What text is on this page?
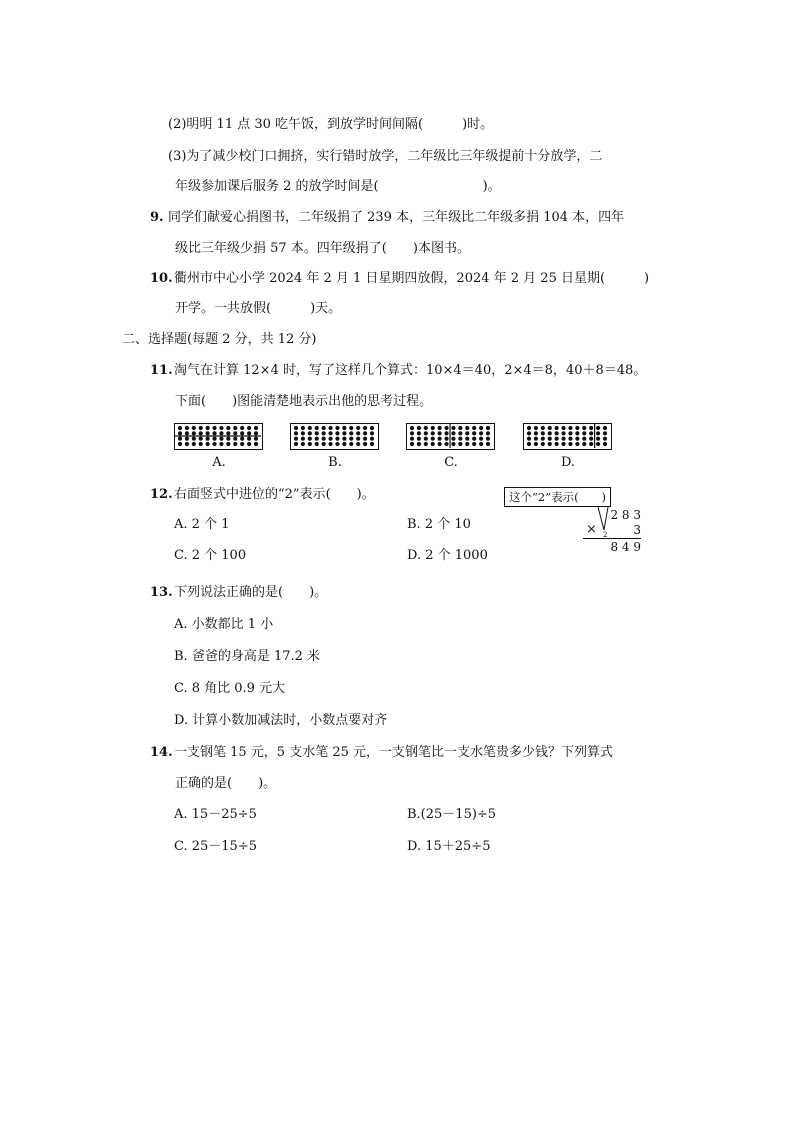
(2)明明 11 点 30 吃午饭，到放学时间间隔(　　　)时。
(3)为了减少校门口拥挤，实行错时放学，二年级比三年级提前十分放学，二
年级参加课后服务 2 的放学时间是(　　　　　　　　)。
9. 同学们献爱心捐图书，二年级捐了 239 本，三年级比二年级多捐 104 本，四年
级比三年级少捐 57 本。四年级捐了(　　)本图书。
10. 衢州市中心小学 2024 年 2 月 1 日星期四放假，2024 年 2 月 25 日星期(　　　)
开学。一共放假(　　　)天。
二、选择题(每题 2 分，共 12 分)
11. 淘气在计算 12×4 时，写了这样几个算式：10×4＝40，2×4＝8，40＋8＝48。
下面(　　)图能清楚地表示出他的思考过程。
A.	B.	C.	D.
12. 右面竖式中进位的“2”表示(　　)。
A. 2 个 1	B. 2 个 10
C. 2 个 100	D. 2 个 1000
这个“2”表示(　　)
2 8 3
× 2	3
8 4 9
13. 下列说法正确的是(　　)。
A. 小数都比 1 小
B. 爸爸的身高是 17.2 米
C. 8 角比 0.9 元大
D. 计算小数加减法时，小数点要对齐
14. 一支钢笔 15 元，5 支水笔 25 元，一支钢笔比一支水笔贵多少钱？下列算式
正确的是(　　)。
A. 15－25÷5	B.(25－15)÷5
C. 25－15÷5	D. 15＋25÷5
